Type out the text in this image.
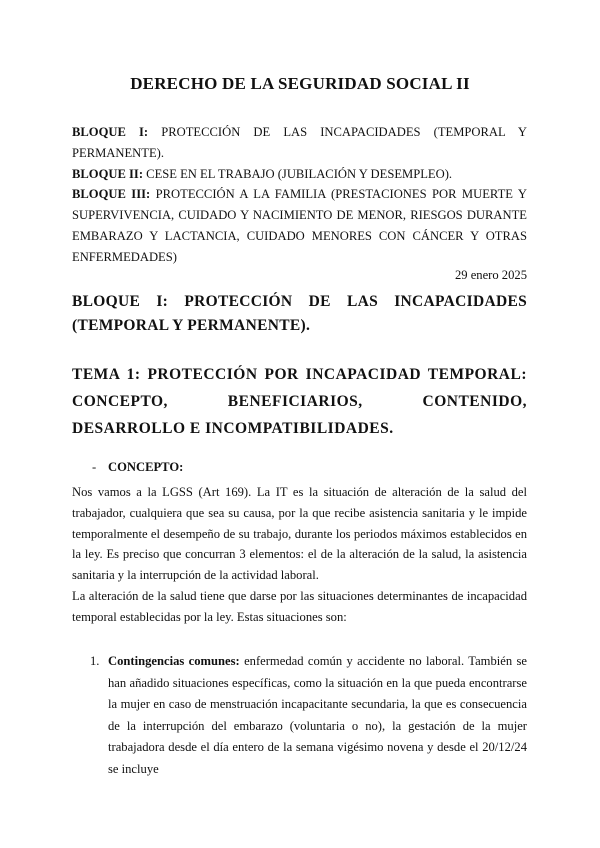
DERECHO DE LA SEGURIDAD SOCIAL II

BLOQUE I: PROTECCIÓN DE LAS INCAPACIDADES (TEMPORAL Y PERMANENTE).

BLOQUE II: CESE EN EL TRABAJO (JUBILACIÓN Y DESEMPLEO).

BLOQUE III: PROTECCIÓN A LA FAMILIA (PRESTACIONES POR MUERTE Y SUPERVIVENCIA, CUIDADO Y NACIMIENTO DE MENOR, RIESGOS DURANTE EMBARAZO Y LACTANCIA, CUIDADO MENORES CON CÁNCER Y OTRAS ENFERMEDADES)

29 enero 2025
BLOQUE I: PROTECCIÓN DE LAS INCAPACIDADES (TEMPORAL Y PERMANENTE).
TEMA 1: PROTECCIÓN POR INCAPACIDAD TEMPORAL: CONCEPTO, BENEFICIARIOS, CONTENIDO, DESARROLLO E INCOMPATIBILIDADES.
- CONCEPTO:

Nos vamos a la LGSS (Art 169). La IT es la situación de alteración de la salud del trabajador, cualquiera que sea su causa, por la que recibe asistencia sanitaria y le impide temporalmente el desempeño de su trabajo, durante los periodos máximos establecidos en la ley. Es preciso que concurran 3 elementos: el de la alteración de la salud, la asistencia sanitaria y la interrupción de la actividad laboral.

La alteración de la salud tiene que darse por las situaciones determinantes de incapacidad temporal establecidas por la ley. Estas situaciones son:

1. Contingencias comunes: enfermedad común y accidente no laboral. También se han añadido situaciones específicas, como la situación en la que pueda encontrarse la mujer en caso de menstruación incapacitante secundaria, la que es consecuencia de la interrupción del embarazo (voluntaria o no), la gestación de la mujer trabajadora desde el día entero de la semana vigésimo novena y desde el 20/12/24 se incluye
